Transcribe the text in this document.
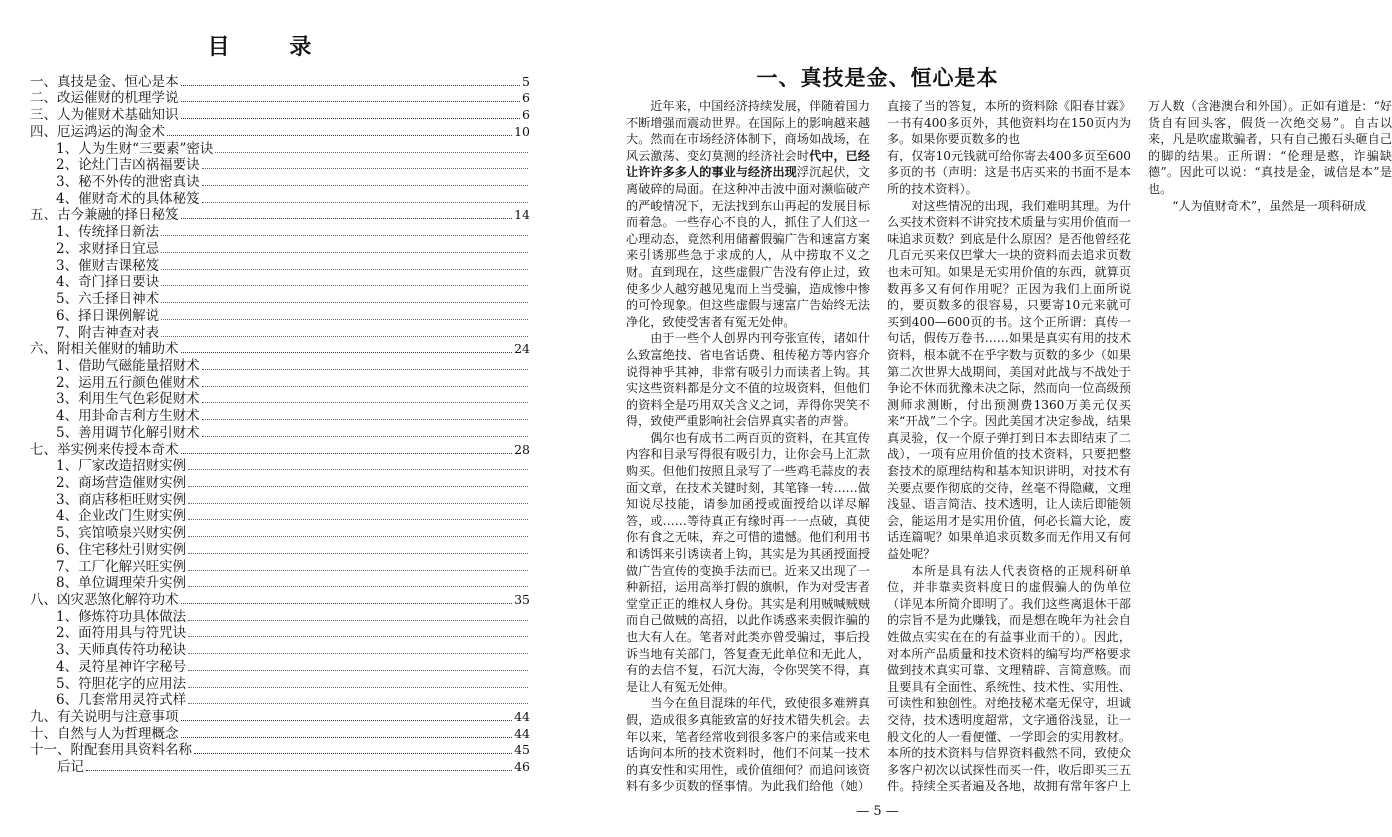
目 录
一、真技是金、恒心是本	5
二、改运催财的机理学说	6
三、人为催财术基础知识	6
四、厄运鸿运的淘金术	10
1、人为生财“三要素”密诀
2、论灶门吉凶祸福要诀
3、秘不外传的泄密真诀
4、催财奇术的具体秘笈
五、古今兼融的择日秘笈	14
1、传统择日新法
2、求财择日宜忌
3、催财吉课秘笈
4、奇门择日要诀
5、六壬择日神术
6、择日课例解说
7、附吉神查对表
六、附相关催财的辅助术	24
1、借助气磁能量招财术
2、运用五行颜色催财术
3、利用生气色彩促财术
4、用卦命吉利方生财术
5、善用调节化解引财术
七、举实例来传授本奇术	28
1、厂家改造招财实例
2、商场营造催财实例
3、商店移柜旺财实例
4、企业改门生财实例
5、宾馆喷泉兴财实例
6、住宅移灶引财实例
7、工厂化解兴旺实例
8、单位调理荣升实例
八、凶灾恶煞化解符功术	35
1、修炼符功具体做法
2、面符用具与符咒诀
3、天师真传符功秘诀
4、灵符星神许字秘号
5、符胆花字的应用法
6、几套常用灵符式样
九、有关说明与注意事项	44
十、自然与人为哲理概念	44
十一、附配套用具资料名称	45
　　后记	46
一、真技是金、恒心是本

近年来，中国经济持续发展，伴随着国力不断增强而震动世界。在国际上的影响越来越大。然而在市场经济体制下，商场如战场，在风云激荡、变幻莫测的经济社会时代中，已经让许许多多人的事业与经济出现浮沉起伏，文离破碎的局面。在这种冲击波中面对濒临破产的严峻情况下，无法找到东山再起的发展目标而着急。一些存心不良的人，抓住了人们这一心理动态，竟然利用储蓄假骗广告和速富方案来引诱那些急于求成的人，从中捞取不义之财。直到现在，这些虚假广告没有停止过，致使多少人越穷越见鬼而上当受骗，造成惨中惨的可怜现象。但这些虚假与速富广告始终无法净化，致使受害者有冤无处伸。

由于一些个人创界内刊夸张宣传，诸如什么致富绝技、省电省话费、租传秘方等内容介说得神乎其神，非常有吸引力而读者上钩。其实这些资料都是分文不值的垃圾资料，但他们的资料全是巧用双关含义之词，弄得你哭笑不得，致使严重影响社会信界真实者的声誉。

偶尔也有成书二两百页的资料，在其宣传内容和目录写得很有吸引力，让你会马上汇款购买。但他们按照且录写了一些鸡毛蒜皮的表面文章，在技术关键时刻，其笔锋一转……做知说尽技能，请参加函授或面授给以详尽解答，或……等待真正有缘时再一一点破，真使你有食之无味，弃之可惜的遗憾。他们利用书和诱饵来引诱读者上钩，其实是为其函授面授做广告宣传的变换手法而已。近来又出现了一种新招，运用高举打假的旗帜，作为对受害者堂堂正正的维权人身份。其实是利用贼喊贼贼而自己做贼的高招，以此作诱惑来卖假诈骗的也大有人在。笔者对此类亦曾受骗过，事后投诉当地有关部门，答复查无此单位和无此人，有的去信不复，石沉大海，令你哭笑不得，真是让人有冤无处伸。

当今在鱼目混珠的年代，致使很多难辨真假，造成很多真能致富的好技术错失机会。去年以来，笔者经常收到很多客户的来信或来电话询问本所的技术资料时，他们不问某一技术的真安性和实用性，或价值细何？而追问该资料有多少页数的怪事情。为此我们给他（她）直接了当的答复，本所的资料除《阳春甘霖》一书有400多页外，其他资料均在150页内为多。如果你要页数多的也

有，仅寄10元钱就可给你寄去400多页至600多页的书（声明：这是书店买来的书面不是本所的技术资料）。

对这些情况的出现，我们难明其理。为什么买技术资料不讲究技术质量与实用价值而一味追求页数？到底是什么原因？是否他曾经花几百元买来仅巴掌大一块的资料而去追求页数也未可知。如果是无实用价值的东西，就算页数再多又有何作用呢？正因为我们上面所说的，要页数多的很容易，只要寄10元来就可买到400—600页的书。这个正所谓：真传一句话，假传万卷书……如果是真实有用的技术资料，根本就不在乎字数与页数的多少（如果第二次世界大战期间，美国对此战与不战处于争论不休而犹豫未决之际，然而向一位高级预测师求测断，付出预测费1360万美元仅买来“开战”二个字。因此美国才决定参战，结果真灵验，仅一个原子弹打到日本去即结束了二战），一项有应用价值的技术资料，只要把整套技术的原理结构和基本知识讲明，对技术有关要点要作彻底的交待，丝毫不得隐藏，文理浅显、语言简洁、技术透明，让人读后即能领会，能运用才是实用价值，何必长篇大论，废话连篇呢？如果单追求页数多而无作用又有何益处呢？

本所是具有法人代表资格的正规科研单位，并非靠卖资料度日的虚假骗人的伪单位（详见本所简介即明了。我们这些离退休干部的宗旨不是为此赚钱，而是想在晚年为社会自姓做点实实在在的有益事业而干的）。因此，对本所产品质量和技术资料的编写均严格要求做到技术真实可靠、文理精辟、言简意赅。而且要具有全面性、系统性、技术性、实用性、可读性和独创性。对绝技秘术毫无保守，坦诚交待，技术透明度超常，文字通俗浅显，让一般文化的人一看便懂、一学即会的实用教材。本所的技术资料与信界资料截然不同，致使众多客户初次以试探性而买一件，收后即买三五件。持续全买者遍及各地，故拥有常年客户上万人数（含港澳台和外国）。正如有道是：“好货自有回头客，假货一次绝交易”。自古以来，凡是吹虚欺骗者，只有自己搬石头砸自己的脚的结果。正所谓：“伦理是憨，诈骗缺德”。因此可以说：“真技是金，诚信是本”是也。

“人为值财奇术”，虽然是一项科研成

— 5 —
